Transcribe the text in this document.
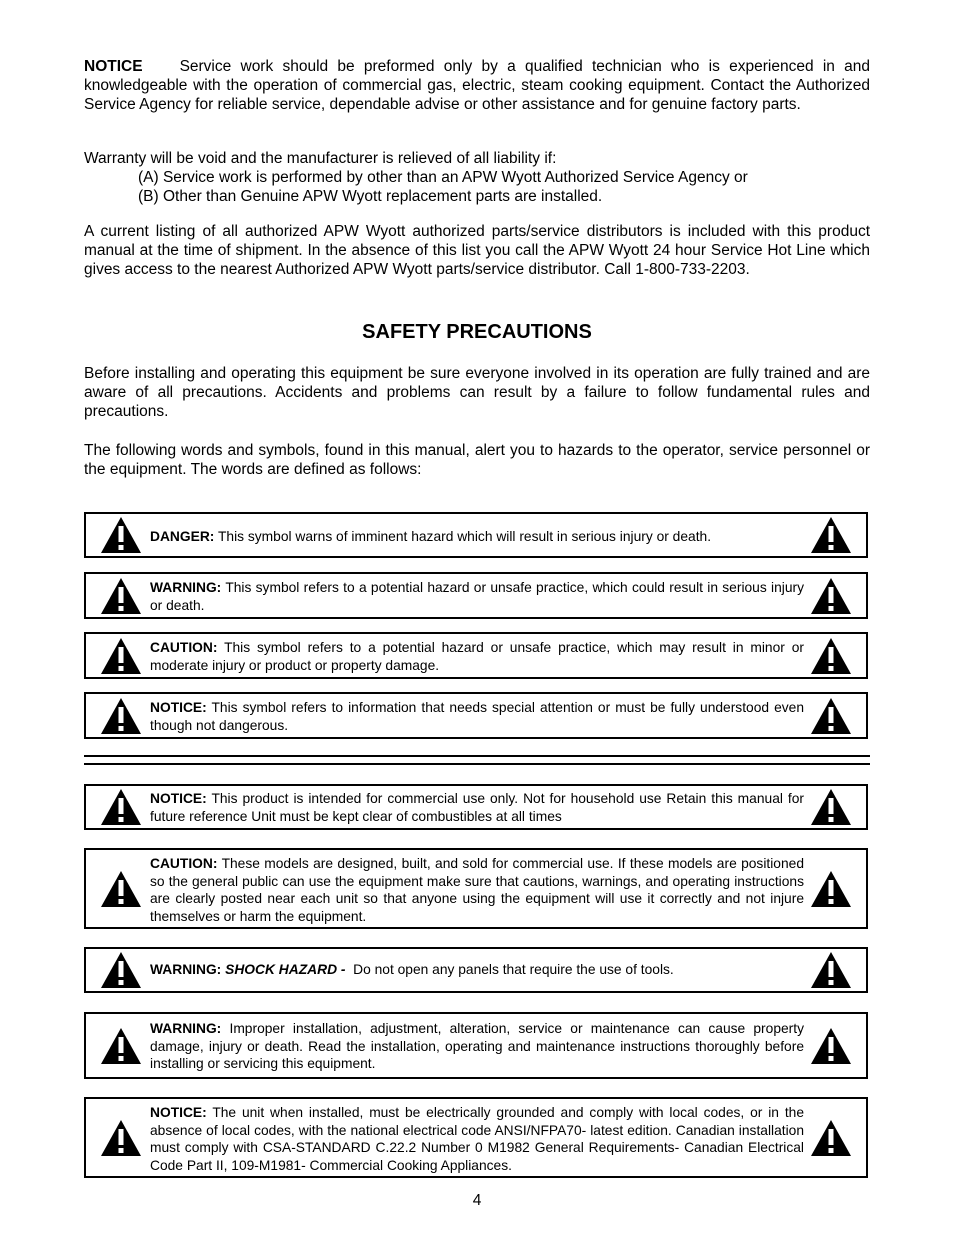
NOTICE Service work should be preformed only by a qualified technician who is experienced in and knowledgeable with the operation of commercial gas, electric, steam cooking equipment. Contact the Authorized Service Agency for reliable service, dependable advise or other assistance and for genuine factory parts.

Warranty will be void and the manufacturer is relieved of all liability if:

(A) Service work is performed by other than an APW Wyott Authorized Service Agency or
(B) Other than Genuine APW Wyott replacement parts are installed.

A current listing of all authorized APW Wyott authorized parts/service distributors is included with this product manual at the time of shipment. In the absence of this list you call the APW Wyott 24 hour Service Hot Line which gives access to the nearest Authorized APW Wyott parts/service distributor. Call 1-800-733-2203.

SAFETY PRECAUTIONS

Before installing and operating this equipment be sure everyone involved in its operation are fully trained and are aware of all precautions. Accidents and problems can result by a failure to follow fundamental rules and precautions.

The following words and symbols, found in this manual, alert you to hazards to the operator, service personnel or the equipment. The words are defined as follows:

DANGER: This symbol warns of imminent hazard which will result in serious injury or death.
WARNING: This symbol refers to a potential hazard or unsafe practice, which could result in serious injury or death.
CAUTION: This symbol refers to a potential hazard or unsafe practice, which may result in minor or moderate injury or product or property damage.
NOTICE: This symbol refers to information that needs special attention or must be fully understood even though not dangerous.
NOTICE: This product is intended for commercial use only. Not for household use Retain this manual for future reference Unit must be kept clear of combustibles at all times
CAUTION: These models are designed, built, and sold for commercial use. If these models are positioned so the general public can use the equipment make sure that cautions, warnings, and operating instructions are clearly posted near each unit so that anyone using the equipment will use it correctly and not injure themselves or harm the equipment.
WARNING: SHOCK HAZARD - Do not open any panels that require the use of tools.
WARNING: Improper installation, adjustment, alteration, service or maintenance can cause property damage, injury or death. Read the installation, operating and maintenance instructions thoroughly before installing or servicing this equipment.
NOTICE: The unit when installed, must be electrically grounded and comply with local codes, or in the absence of local codes, with the national electrical code ANSI/NFPA70- latest edition. Canadian installation must comply with CSA-STANDARD C.22.2 Number 0 M1982 General Requirements- Canadian Electrical Code Part II, 109-M1981- Commercial Cooking Appliances.
4
